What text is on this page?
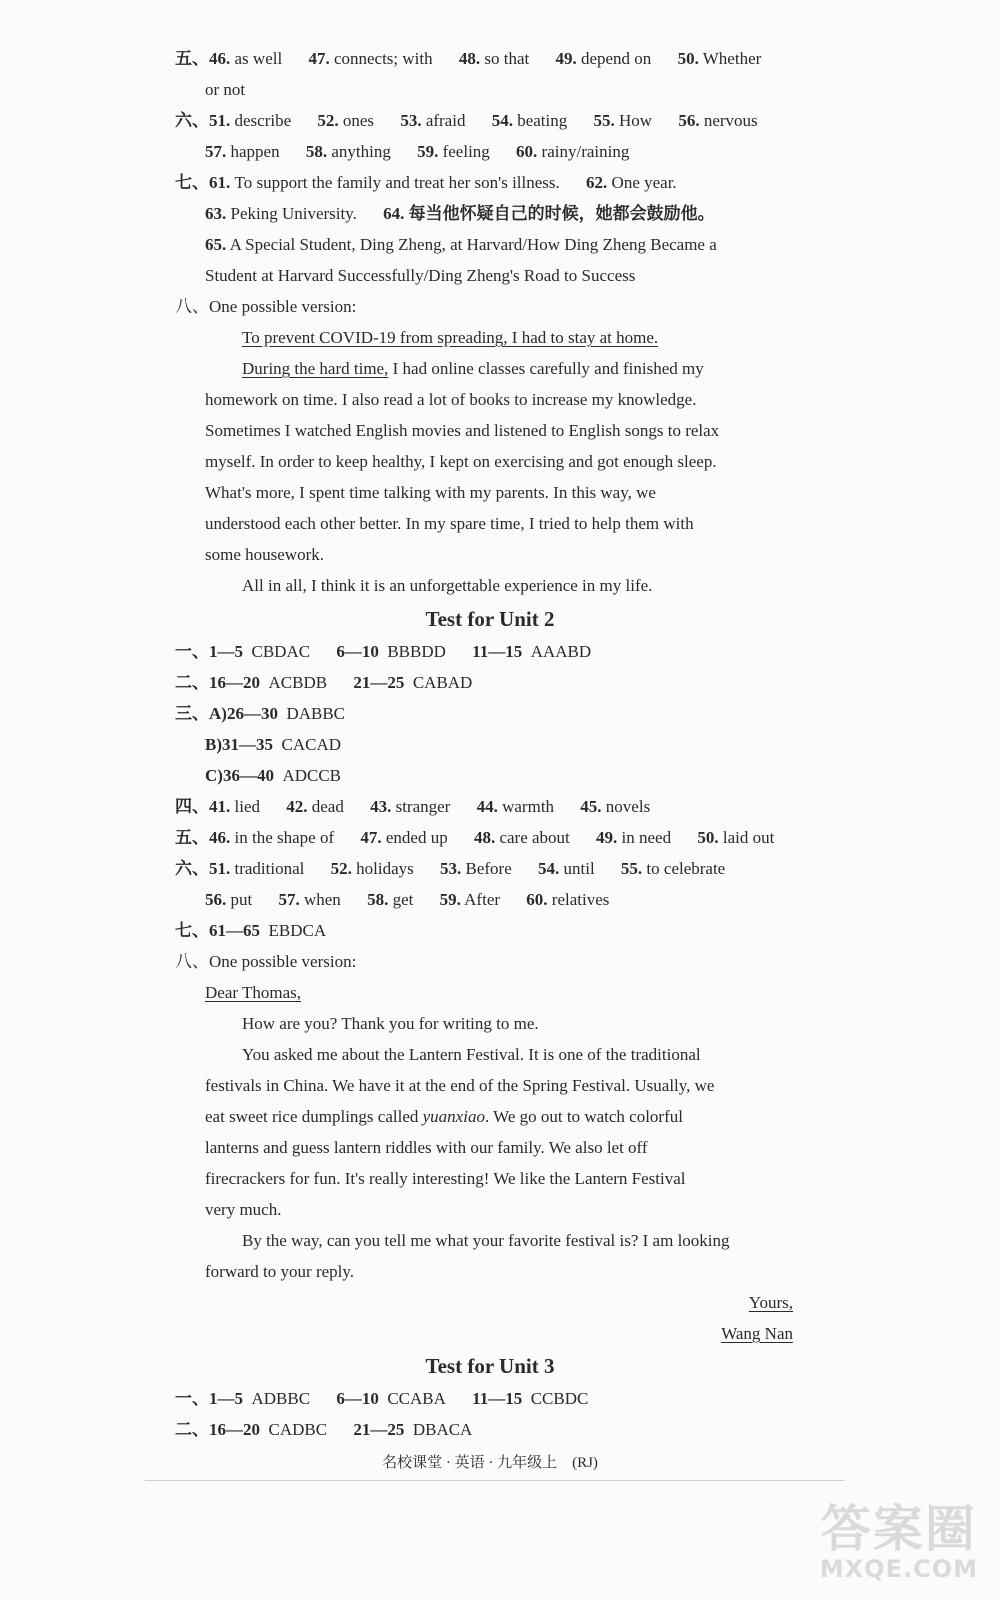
五、46. as well 47. connects; with 48. so that 49. depend on 50. Whether
or not
六、51. describe 52. ones 53. afraid 54. beating 55. How 56. nervous
57. happen 58. anything 59. feeling 60. rainy/raining
七、61. To support the family and treat her son's illness. 62. One year.
63. Peking University. 64. 每当他怀疑自己的时候，她都会鼓励他。
65. A Special Student, Ding Zheng, at Harvard/How Ding Zheng Became a
Student at Harvard Successfully/Ding Zheng's Road to Success
八、One possible version:
To prevent COVID-19 from spreading, I had to stay at home.
During the hard time, I had online classes carefully and finished my
homework on time. I also read a lot of books to increase my knowledge.
Sometimes I watched English movies and listened to English songs to relax
myself. In order to keep healthy, I kept on exercising and got enough sleep.
What's more, I spent time talking with my parents. In this way, we
understood each other better. In my spare time, I tried to help them with
some housework.
All in all, I think it is an unforgettable experience in my life.
Test for Unit 2
一、1—5 CBDAC 6—10 BBBDD 11—15 AAABD
二、16—20 ACBDB 21—25 CABAD
三、A)26—30 DABBC
B)31—35 CACAD
C)36—40 ADCCB
四、41. lied 42. dead 43. stranger 44. warmth 45. novels
五、46. in the shape of 47. ended up 48. care about 49. in need 50. laid out
六、51. traditional 52. holidays 53. Before 54. until 55. to celebrate
56. put 57. when 58. get 59. After 60. relatives
七、61—65 EBDCA
八、One possible version:
Dear Thomas,
How are you? Thank you for writing to me.
You asked me about the Lantern Festival. It is one of the traditional
festivals in China. We have it at the end of the Spring Festival. Usually, we
eat sweet rice dumplings called yuanxiao. We go out to watch colorful
lanterns and guess lantern riddles with our family. We also let off
firecrackers for fun. It's really interesting! We like the Lantern Festival
very much.
By the way, can you tell me what your favorite festival is? I am looking
forward to your reply.
Yours,
Wang Nan
Test for Unit 3
一、1—5 ADBBC 6—10 CCABA 11—15 CCBDC
二、16—20 CADBC 21—25 DBACA
名校课堂 · 英语 · 九年级上　(RJ)
答案圈
MXQE.COM
